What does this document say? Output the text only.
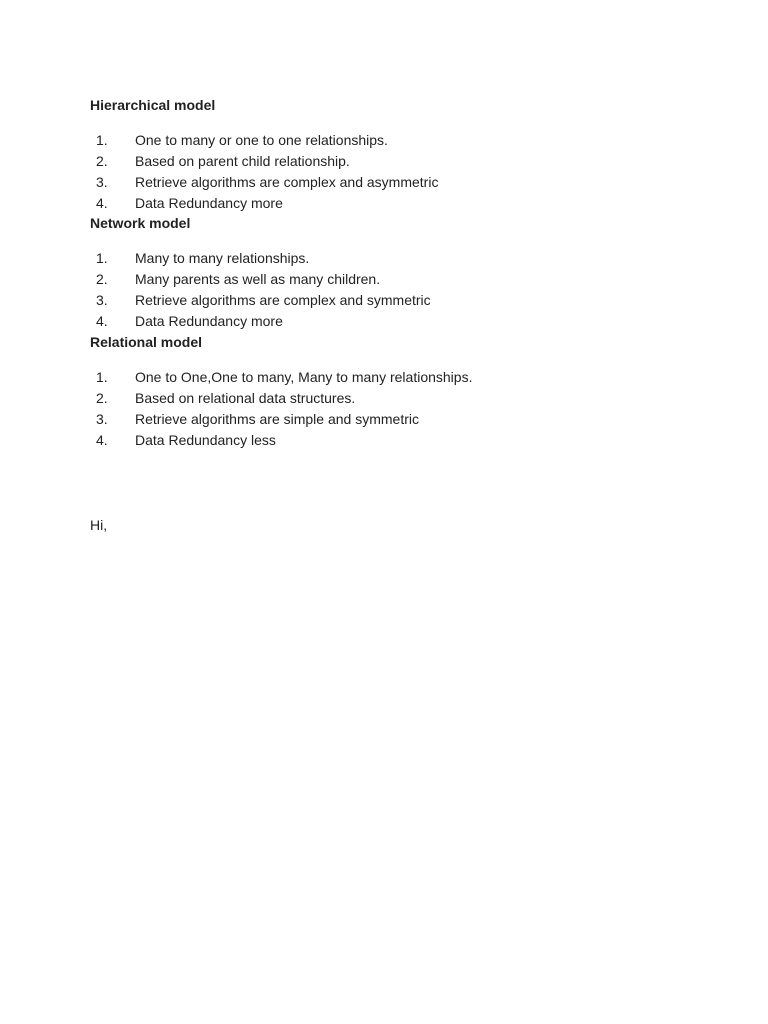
Hierarchical model
1. One to many or one to one relationships.
2. Based on parent child relationship.
3. Retrieve algorithms are complex and asymmetric
4. Data Redundancy more
Network model
1. Many to many relationships.
2. Many parents as well as many children.
3. Retrieve algorithms are complex and symmetric
4. Data Redundancy more
Relational model
1. One to One,One to many, Many to many relationships.
2. Based on relational data structures.
3. Retrieve algorithms are simple and symmetric
4. Data Redundancy less
Hi,
